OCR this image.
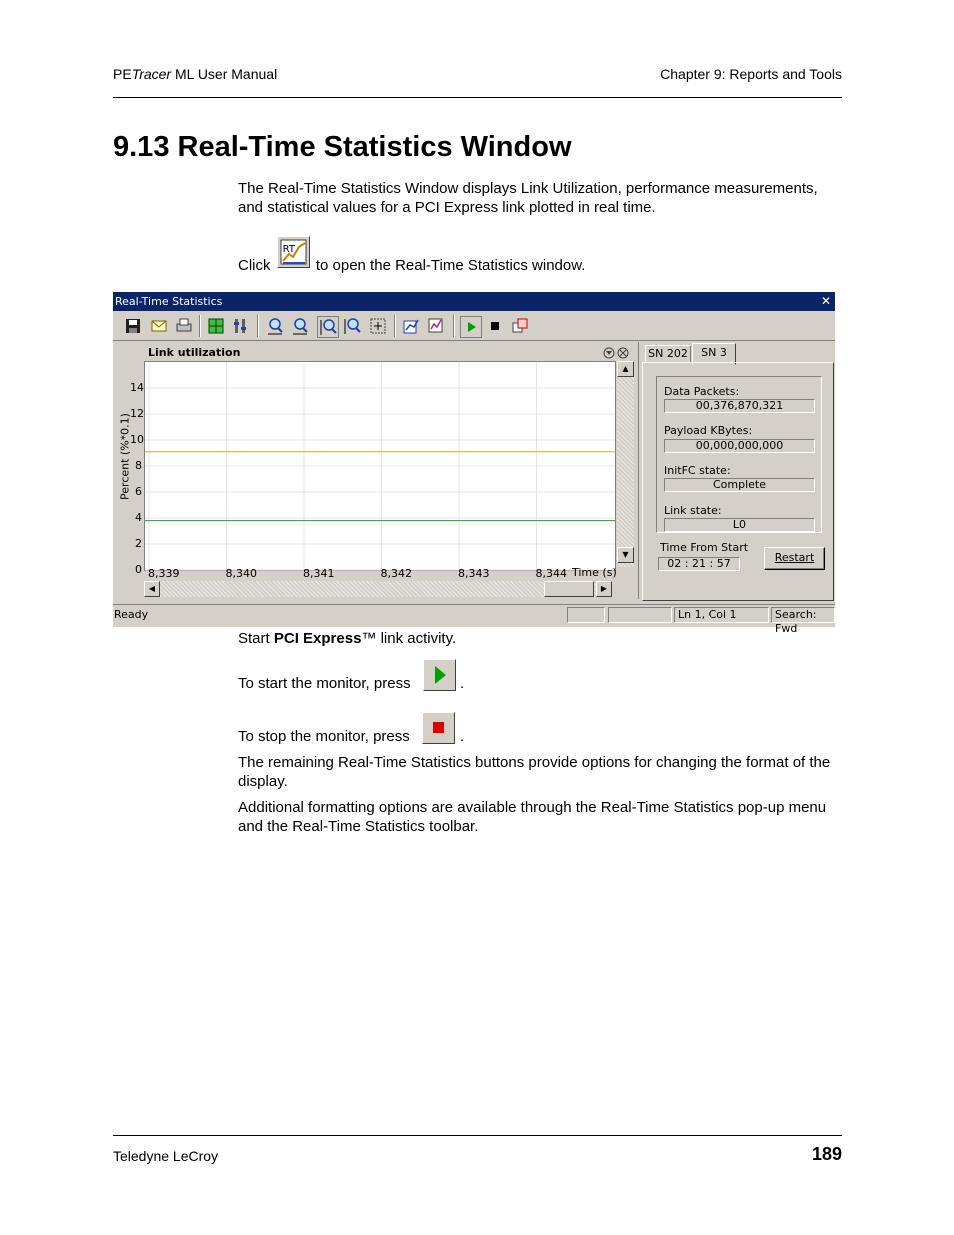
PETracer ML User Manual	Chapter 9: Reports and Tools
9.13 Real-Time Statistics Window
The Real-Time Statistics Window displays Link Utilization, performance measurements,
and statistical values for a PCI Express link plotted in real time.
Click
RT
to open the Real-Time Statistics window.
Real-Time Statistics	✕
Link utilization
Percent (%*0.1)
0
2
4
6
8
10
12
14
8,339	8,340	8,341	8,342	8,343	8,344 Time (s)
▲
▼
◀	▶
SN 202	SN 3
Data Packets:
00,376,870,321
Payload KBytes:
00,000,000,000
InitFC state:
Complete
Link state:
L0
Time From Start
02 : 21 : 57	Restart
Ready	Ln 1, Col 1	Search: Fwd
Start PCI Express™ link activity.
To start the monitor, press	.
To stop the monitor, press	.
The remaining Real-Time Statistics buttons provide options for changing the format of the
display.
Additional formatting options are available through the Real-Time Statistics pop-up menu
and the Real-Time Statistics toolbar.
Teledyne LeCroy	189
